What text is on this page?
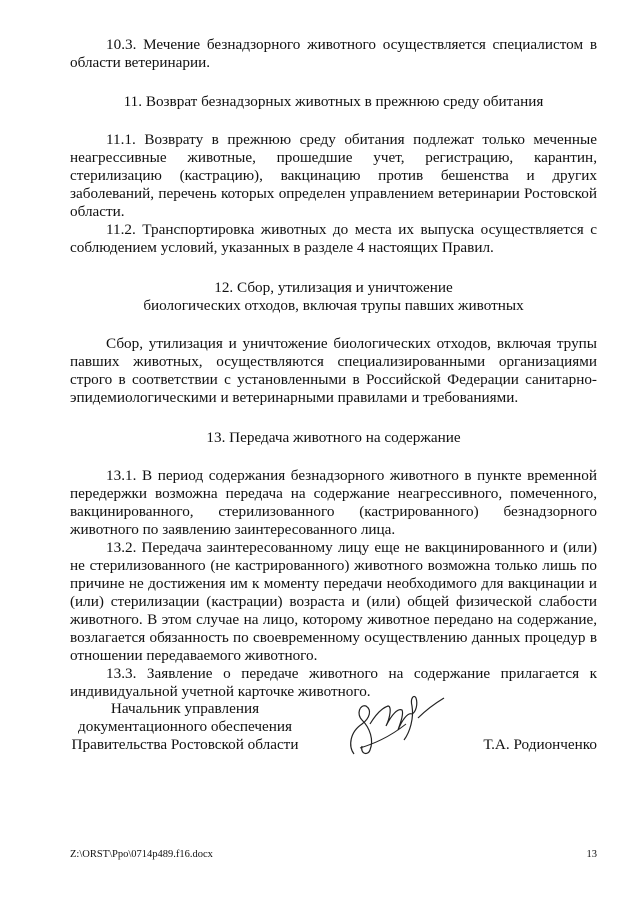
10.3. Мечение безнадзорного животного осуществляется специалистом в области ветеринарии.

11. Возврат безнадзорных животных в прежнюю среду обитания

11.1. Возврату в прежнюю среду обитания подлежат только меченные неагрессивные животные, прошедшие учет, регистрацию, карантин, стерилизацию (кастрацию), вакцинацию против бешенства и других заболеваний, перечень которых определен управлением ветеринарии Ростовской области.

11.2. Транспортировка животных до места их выпуска осуществляется с соблюдением условий, указанных в разделе 4 настоящих Правил.

12. Сбор, утилизация и уничтожение
биологических отходов, включая трупы павших животных

Сбор, утилизация и уничтожение биологических отходов, включая трупы павших животных, осуществляются специализированными организациями строго в соответствии с установленными в Российской Федерации санитарно-эпидемиологическими и ветеринарными правилами и требованиями.

13. Передача животного на содержание

13.1. В период содержания безнадзорного животного в пункте временной передержки возможна передача на содержание неагрессивного, помеченного, вакцинированного, стерилизованного (кастрированного) безнадзорного животного по заявлению заинтересованного лица.

13.2. Передача заинтересованному лицу еще не вакцинированного и (или) не стерилизованного (не кастрированного) животного возможна только лишь по причине не достижения им к моменту передачи необходимого для вакцинации и (или) стерилизации (кастрации) возраста и (или) общей физической слабости животного. В этом случае на лицо, которому животное передано на содержание, возлагается обязанность по своевременному осуществлению данных процедур в отношении передаваемого животного.

13.3. Заявление о передаче животного на содержание прилагается к индивидуальной учетной карточке животного.

Начальник управления
документационного обеспечения
Правительства Ростовской области	Т.А. Родионченко
Z:\ORST\Ppo\0714p489.f16.docx	13
